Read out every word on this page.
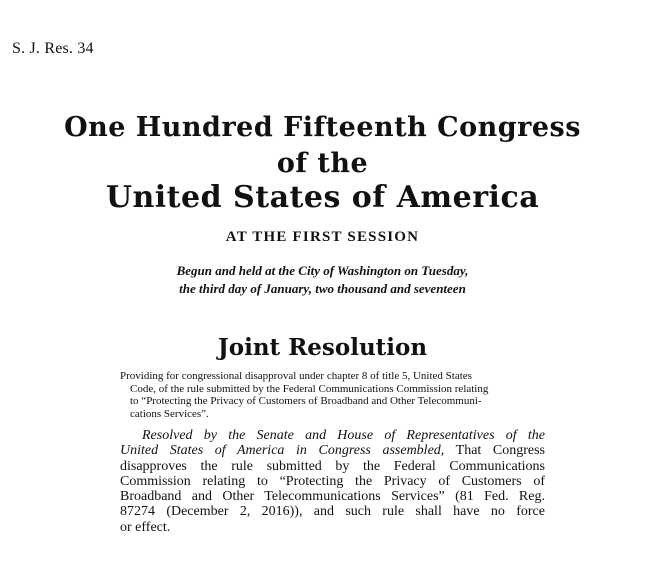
S. J. Res. 34
One Hundred Fifteenth Congress
of the
United States of America
AT THE FIRST SESSION
Begun and held at the City of Washington on Tuesday,
the third day of January, two thousand and seventeen
Joint Resolution
Providing for congressional disapproval under chapter 8 of title 5, United States
Code, of the rule submitted by the Federal Communications Commission relating
to “Protecting the Privacy of Customers of Broadband and Other Telecommuni-
cations Services”.
Resolved by the Senate and House of Representatives of the
United States of America in Congress assembled, That Congress
disapproves the rule submitted by the Federal Communications
Commission relating to “Protecting the Privacy of Customers of
Broadband and Other Telecommunications Services” (81 Fed. Reg.
87274 (December 2, 2016)), and such rule shall have no force
or effect.
